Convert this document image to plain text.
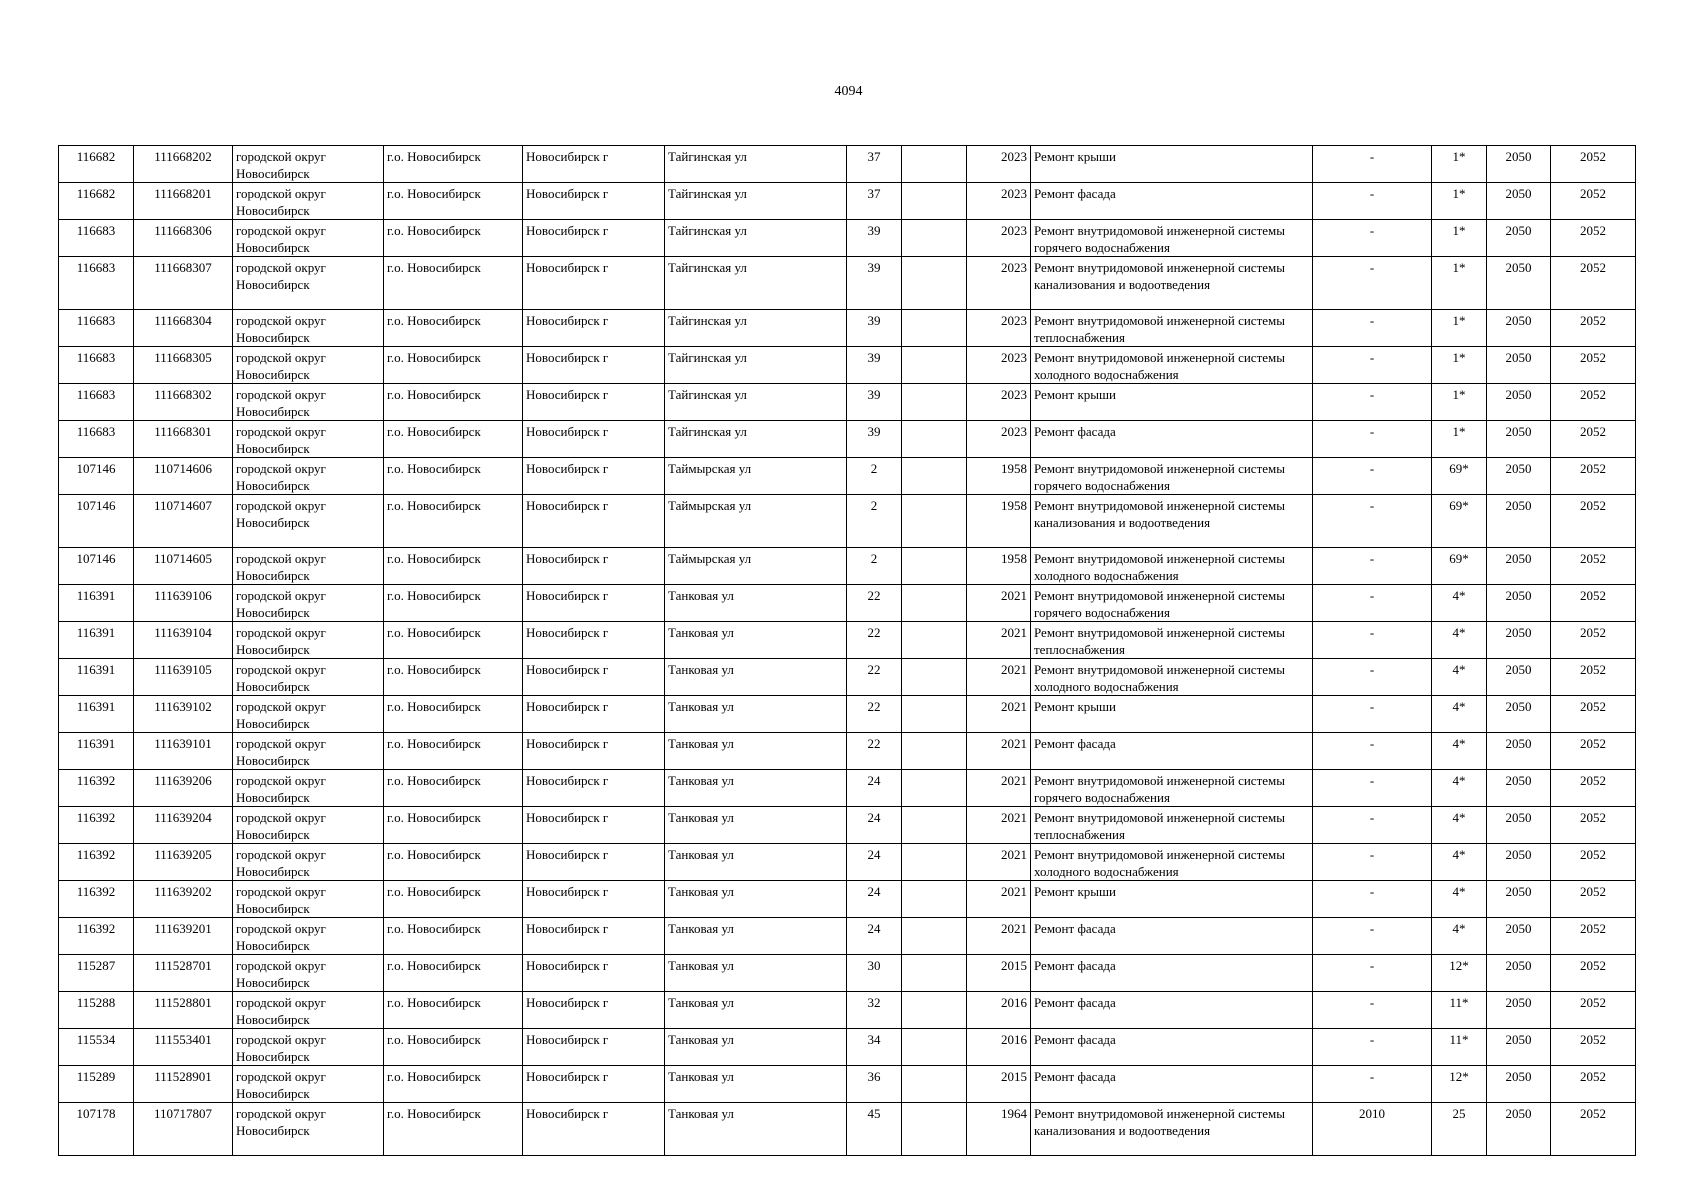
4094
116682	111668202	городской округ Новосибирск	г.о. Новосибирск	Новосибирск г	Тайгинская ул	37		2023	Ремонт крыши	-	1*	2050	2052
116682	111668201	городской округ Новосибирск	г.о. Новосибирск	Новосибирск г	Тайгинская ул	37		2023	Ремонт фасада	-	1*	2050	2052
116683	111668306	городской округ Новосибирск	г.о. Новосибирск	Новосибирск г	Тайгинская ул	39		2023	Ремонт внутридомовой инженерной системы горячего водоснабжения	-	1*	2050	2052
116683	111668307	городской округ Новосибирск	г.о. Новосибирск	Новосибирск г	Тайгинская ул	39		2023	Ремонт внутридомовой инженерной системы канализования и водоотведения	-	1*	2050	2052
116683	111668304	городской округ Новосибирск	г.о. Новосибирск	Новосибирск г	Тайгинская ул	39		2023	Ремонт внутридомовой инженерной системы теплоснабжения	-	1*	2050	2052
116683	111668305	городской округ Новосибирск	г.о. Новосибирск	Новосибирск г	Тайгинская ул	39		2023	Ремонт внутридомовой инженерной системы холодного водоснабжения	-	1*	2050	2052
116683	111668302	городской округ Новосибирск	г.о. Новосибирск	Новосибирск г	Тайгинская ул	39		2023	Ремонт крыши	-	1*	2050	2052
116683	111668301	городской округ Новосибирск	г.о. Новосибирск	Новосибирск г	Тайгинская ул	39		2023	Ремонт фасада	-	1*	2050	2052
107146	110714606	городской округ Новосибирск	г.о. Новосибирск	Новосибирск г	Таймырская ул	2		1958	Ремонт внутридомовой инженерной системы горячего водоснабжения	-	69*	2050	2052
107146	110714607	городской округ Новосибирск	г.о. Новосибирск	Новосибирск г	Таймырская ул	2		1958	Ремонт внутридомовой инженерной системы канализования и водоотведения	-	69*	2050	2052
107146	110714605	городской округ Новосибирск	г.о. Новосибирск	Новосибирск г	Таймырская ул	2		1958	Ремонт внутридомовой инженерной системы холодного водоснабжения	-	69*	2050	2052
116391	111639106	городской округ Новосибирск	г.о. Новосибирск	Новосибирск г	Танковая ул	22		2021	Ремонт внутридомовой инженерной системы горячего водоснабжения	-	4*	2050	2052
116391	111639104	городской округ Новосибирск	г.о. Новосибирск	Новосибирск г	Танковая ул	22		2021	Ремонт внутридомовой инженерной системы теплоснабжения	-	4*	2050	2052
116391	111639105	городской округ Новосибирск	г.о. Новосибирск	Новосибирск г	Танковая ул	22		2021	Ремонт внутридомовой инженерной системы холодного водоснабжения	-	4*	2050	2052
116391	111639102	городской округ Новосибирск	г.о. Новосибирск	Новосибирск г	Танковая ул	22		2021	Ремонт крыши	-	4*	2050	2052
116391	111639101	городской округ Новосибирск	г.о. Новосибирск	Новосибирск г	Танковая ул	22		2021	Ремонт фасада	-	4*	2050	2052
116392	111639206	городской округ Новосибирск	г.о. Новосибирск	Новосибирск г	Танковая ул	24		2021	Ремонт внутридомовой инженерной системы горячего водоснабжения	-	4*	2050	2052
116392	111639204	городской округ Новосибирск	г.о. Новосибирск	Новосибирск г	Танковая ул	24		2021	Ремонт внутридомовой инженерной системы теплоснабжения	-	4*	2050	2052
116392	111639205	городской округ Новосибирск	г.о. Новосибирск	Новосибирск г	Танковая ул	24		2021	Ремонт внутридомовой инженерной системы холодного водоснабжения	-	4*	2050	2052
116392	111639202	городской округ Новосибирск	г.о. Новосибирск	Новосибирск г	Танковая ул	24		2021	Ремонт крыши	-	4*	2050	2052
116392	111639201	городской округ Новосибирск	г.о. Новосибирск	Новосибирск г	Танковая ул	24		2021	Ремонт фасада	-	4*	2050	2052
115287	111528701	городской округ Новосибирск	г.о. Новосибирск	Новосибирск г	Танковая ул	30		2015	Ремонт фасада	-	12*	2050	2052
115288	111528801	городской округ Новосибирск	г.о. Новосибирск	Новосибирск г	Танковая ул	32		2016	Ремонт фасада	-	11*	2050	2052
115534	111553401	городской округ Новосибирск	г.о. Новосибирск	Новосибирск г	Танковая ул	34		2016	Ремонт фасада	-	11*	2050	2052
115289	111528901	городской округ Новосибирск	г.о. Новосибирск	Новосибирск г	Танковая ул	36		2015	Ремонт фасада	-	12*	2050	2052
107178	110717807	городской округ Новосибирск	г.о. Новосибирск	Новосибирск г	Танковая ул	45		1964	Ремонт внутридомовой инженерной системы канализования и водоотведения	2010	25	2050	2052
